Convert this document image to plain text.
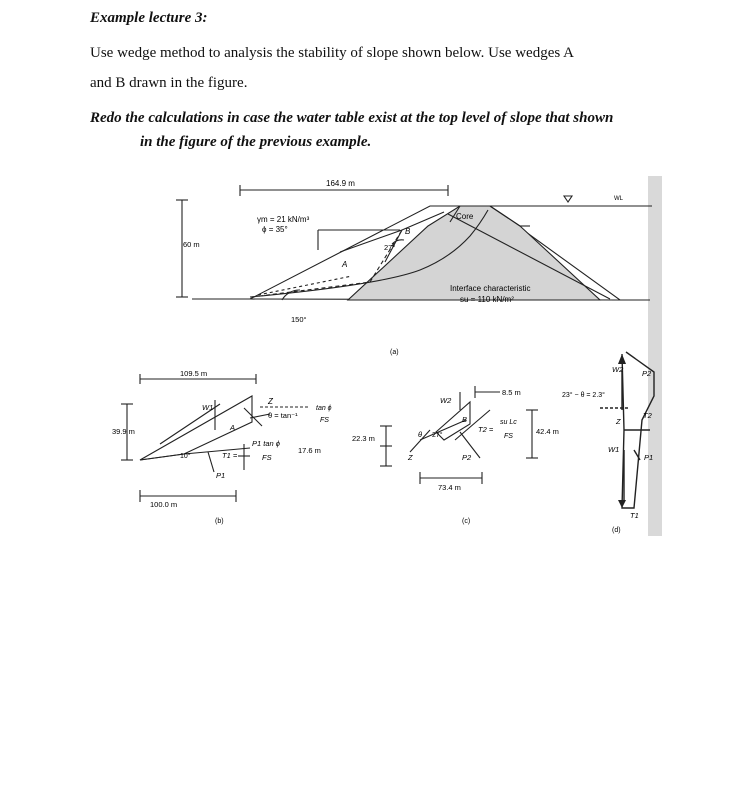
Example lecture 3:
Use wedge method to analysis the stability of slope shown below. Use wedges A
and B drawn in the figure.
Redo the calculations in case the water table exist at the top level of slope that shown
in the figure of the previous example.
164.9 m
γm = 21 kN/m³
ϕ = 35°
60 m
Core
A
B
27°
150°
Interface characteristic
su = 110 kN/m²
WL
(a)
109.5 m
100.0 m
39.9 m
W1
Z
A
P1
10°	T1 =
P1 tan ϕ
FS
θ = tan⁻¹
tan ϕ
FS
17.6 m
(b)
8.5 m
W2
B
22.3 m	27°
θ
Z	P2
T2 =
su Lc
FS
42.4 m
73.4 m
(c)
W2	P2
23° − θ = 2.3°
Z
T2
W1
P1
T1
(d)
